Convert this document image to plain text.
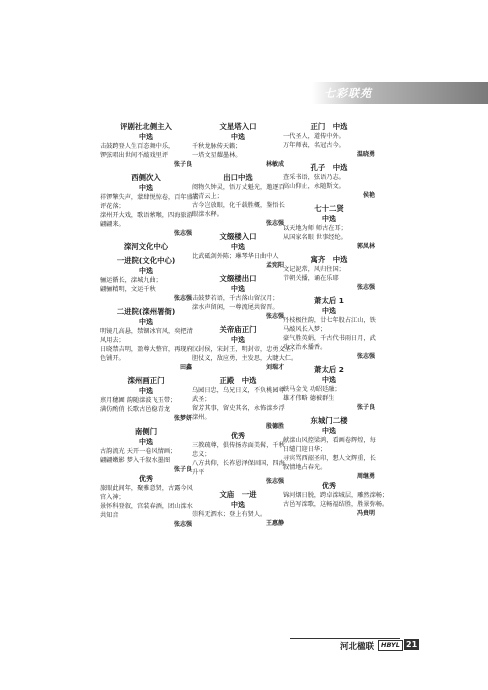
七彩联苑
评剧社北侧主入
中选
击鼓跨登人生百态舞中乐，
锣弦唱出世间不敲戏里评
张子良
西侧次入
中选
祥锣擎失声，蒙肆悦惊卷，百年盛看
评花落；
滦州开大戏，歌语萦喉，四海旅游
翩翩来。
张志强
滦河文化中心
一进院(文化中心)
中选
骊运循长，滦城九曲；
翩骊精明，文运千秋
张志强
二进院(滦州署衙)
中选
明镜几高悬，禁锢冰官风，奕把清
风用去；
日晓禁吉明，盈尊大整官，再现府
色铺开。
田鑫
滦州画正门
中选
禀月穗圃 韵随滦波飞玉带；
满仿酌俏 长歌古邑稳青龙
张梦妍
南侧门
中选
古韵流光 天开一卷风情画；
翩翩嫩影 梦入千叙水墨图
张子良
优秀
旅眼此间年，聚雅意贤，古露今风
官入神；
景怀科登叙，宫装春酒，团山滦水
共知音
张志强
文星塔入口
中选
千秋龙脉传天籁；
一塔文星耀墨林。
林敏成
出口中选
阅物久钟灵，悟万丈魁光，邀逐百
步青云上；
古今岂放眼，化千载胜概，鉴悟长
眼滦水释。
张志强
文缀楼入口
中选
比武砥剑外陈；琳琴华日曲中人
孟宪阳
文缀楼出口
中选
击鼓梦若语，千古落山留汉月；
滦水声留闲，一尊流尾共留晋。
张志强
关帝庙正门
中选
汉封侯，宋封王，明封帝，忠勇义圣；
胆仗义，敌应勇，主发思，大睫大仁。
刘瑞才
正殿　中选
乌园日忠，乌兄日义，不负桃园尊
武圣；
留芳其事，留史其名，永怖滦乡浮
滦州。
殷德胜
优秀
三教疏尊，俱传扬赤面美髯，千秋
忠义；
八方共仰，长祚恩泽保固国，四海
升平
张志强
文庙　一进
中选
崇科无泗水；登上有贤人。
王惠静
正门　中选
一代圣人，道传中外。
万年师表，名冠古今。
温晓勇
孔子　中选
查采书语，弦语乃志。
高山仰止，永随斯文。
侯艳
七十二贤
中选
以天地为师 师古在耳；
从国家名眼 世事经纶。
郭凤林
寓齐　中选
文记泥常，风归往国；
节朝关播，诵在乐耶
张志强
萧太后 1
中选
丹枝极往韵，廿七年股占江山，铁
马敲风长入梦；
豪气胜英娟，千古代书雨日月，武
功文治永播香。
张志强
萧太后 2
中选
铁马金戈 功昭廷融；
雄才伟略 德被群生
张子良
东城门二楼
中选
献滦山风控梁鸿，看画卷辉煌，每
日缱门迎日华；
寻宾骂西韶圣印，想人文辉重，长
叙情地占春光。
周继勇
优秀
锦河烟日脱，跨卓滦城层，雕然滦畅；
古邑写滦歌，这畅福结胜，胜景弥畅。
冯贵明
河北楹联	HBYL 21
